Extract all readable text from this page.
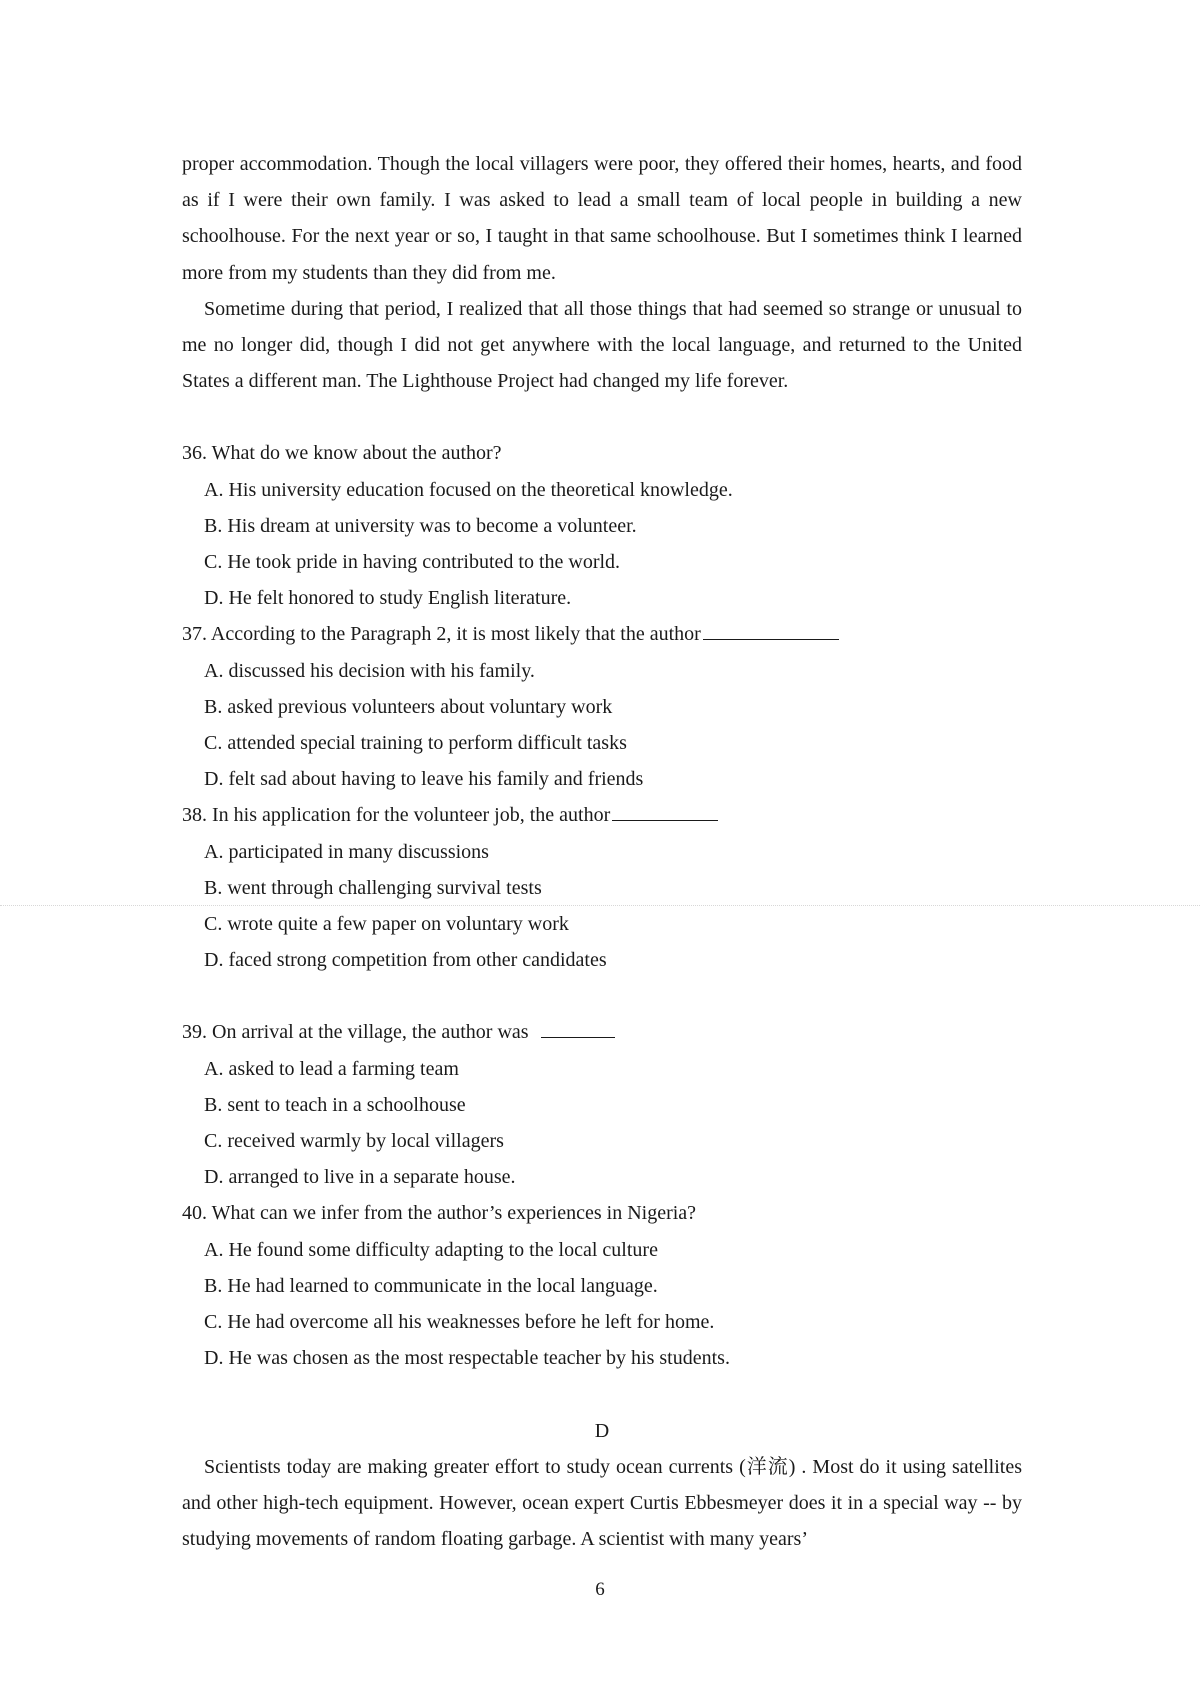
proper accommodation. Though the local villagers were poor, they offered their homes, hearts, and food as if I were their own family. I was asked to lead a small team of local people in building a new schoolhouse. For the next year or so, I taught in that same schoolhouse. But I sometimes think I learned more from my students than they did from me.

Sometime during that period, I realized that all those things that had seemed so strange or unusual to me no longer did, though I did not get anywhere with the local language, and returned to the United States a different man. The Lighthouse Project had changed my life forever.

36. What do we know about the author?

A. His university education focused on the theoretical knowledge.

B. His dream at university was to become a volunteer.

C. He took pride in having contributed to the world.

D. He felt honored to study English literature.

37. According to the Paragraph 2, it is most likely that the author

A. discussed his decision with his family.

B. asked previous volunteers about voluntary work

C. attended special training to perform difficult tasks

D. felt sad about having to leave his family and friends

38. In his application for the volunteer job, the author

A. participated in many discussions

B. went through challenging survival tests

C. wrote quite a few paper on voluntary work

D. faced strong competition from other candidates

39. On arrival at the village, the author was

A. asked to lead a farming team

B. sent to teach in a schoolhouse

C. received warmly by local villagers

D. arranged to live in a separate house.

40. What can we infer from the author’s experiences in Nigeria?

A. He found some difficulty adapting to the local culture

B. He had learned to communicate in the local language.

C. He had overcome all his weaknesses before he left for home.

D. He was chosen as the most respectable teacher by his students.

D

Scientists today are making greater effort to study ocean currents (洋流) . Most do it using satellites and other high-tech equipment. However, ocean expert Curtis Ebbesmeyer does it in a special way -- by studying movements of random floating garbage. A scientist with many years’

6
